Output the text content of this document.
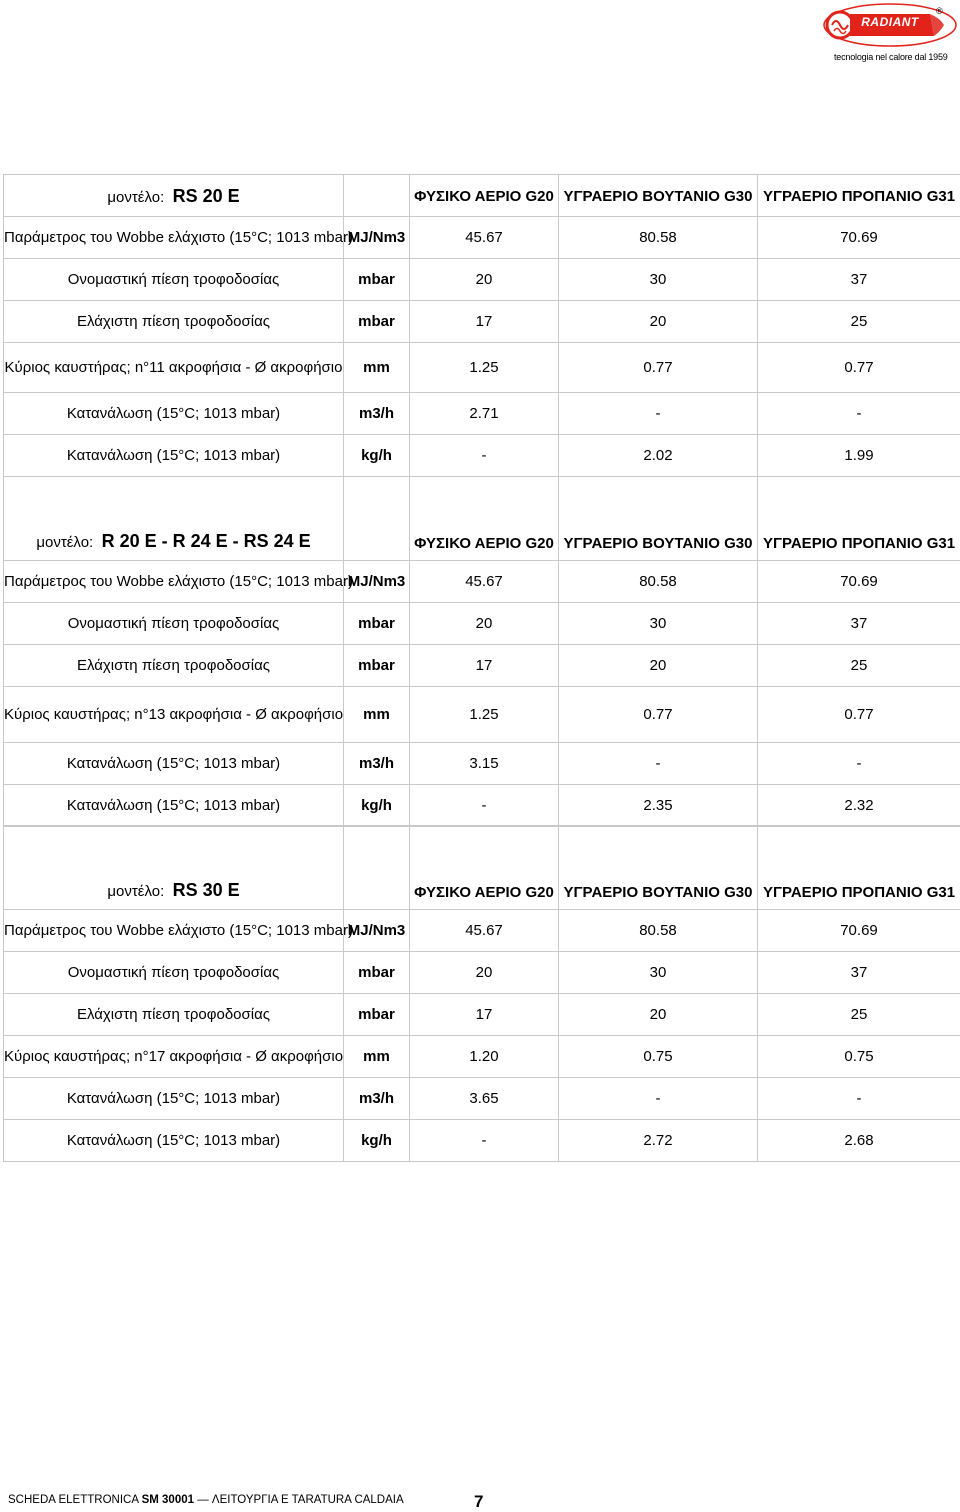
RADIANT
®
tecnologia nel calore dal 1959
μοντέλο: RS 20 E		ΦΥΣΙΚΟ ΑΕΡΙΟ G20	ΥΓΡΑΕΡΙΟ ΒΟΥΤΑΝΙΟ G30	ΥΓΡΑΕΡΙΟ ΠΡΟΠΑΝΙΟ G31
Παράμετρος του Wobbe ελάχιστο (15°C; 1013 mbar)	MJ/Nm3	45.67	80.58	70.69
Ονομαστική πίεση τροφοδοσίας	mbar	20	30	37
Ελάχιστη πίεση τροφοδοσίας	mbar	17	20	25
Κύριος καυστήρας; n°11 ακροφήσια - Ø ακροφήσιο	mm	1.25	0.77	0.77
Κατανάλωση (15°C; 1013 mbar)	m3/h	2.71	-	-
Κατανάλωση (15°C; 1013 mbar)	kg/h	-	2.02	1.99
μοντέλο: R 20 E - R 24 E - RS 24 E		ΦΥΣΙΚΟ ΑΕΡΙΟ G20	ΥΓΡΑΕΡΙΟ ΒΟΥΤΑΝΙΟ G30	ΥΓΡΑΕΡΙΟ ΠΡΟΠΑΝΙΟ G31
Παράμετρος του Wobbe ελάχιστο (15°C; 1013 mbar)	MJ/Nm3	45.67	80.58	70.69
Ονομαστική πίεση τροφοδοσίας	mbar	20	30	37
Ελάχιστη πίεση τροφοδοσίας	mbar	17	20	25
Κύριος καυστήρας; n°13 ακροφήσια - Ø ακροφήσιο	mm	1.25	0.77	0.77
Κατανάλωση (15°C; 1013 mbar)	m3/h	3.15	-	-
Κατανάλωση (15°C; 1013 mbar)	kg/h	-	2.35	2.32
μοντέλο: RS 30 E		ΦΥΣΙΚΟ ΑΕΡΙΟ G20	ΥΓΡΑΕΡΙΟ ΒΟΥΤΑΝΙΟ G30	ΥΓΡΑΕΡΙΟ ΠΡΟΠΑΝΙΟ G31
Παράμετρος του Wobbe ελάχιστο (15°C; 1013 mbar)	MJ/Nm3	45.67	80.58	70.69
Ονομαστική πίεση τροφοδοσίας	mbar	20	30	37
Ελάχιστη πίεση τροφοδοσίας	mbar	17	20	25
Κύριος καυστήρας; n°17 ακροφήσια - Ø ακροφήσιο	mm	1.20	0.75	0.75
Κατανάλωση (15°C; 1013 mbar)	m3/h	3.65	-	-
Κατανάλωση (15°C; 1013 mbar)	kg/h	-	2.72	2.68
SCHEDA ELETTRONICA SM 30001 — ΛΕΙΤΟΥΡΓΙΑ E TARATURA CALDAIA	7
